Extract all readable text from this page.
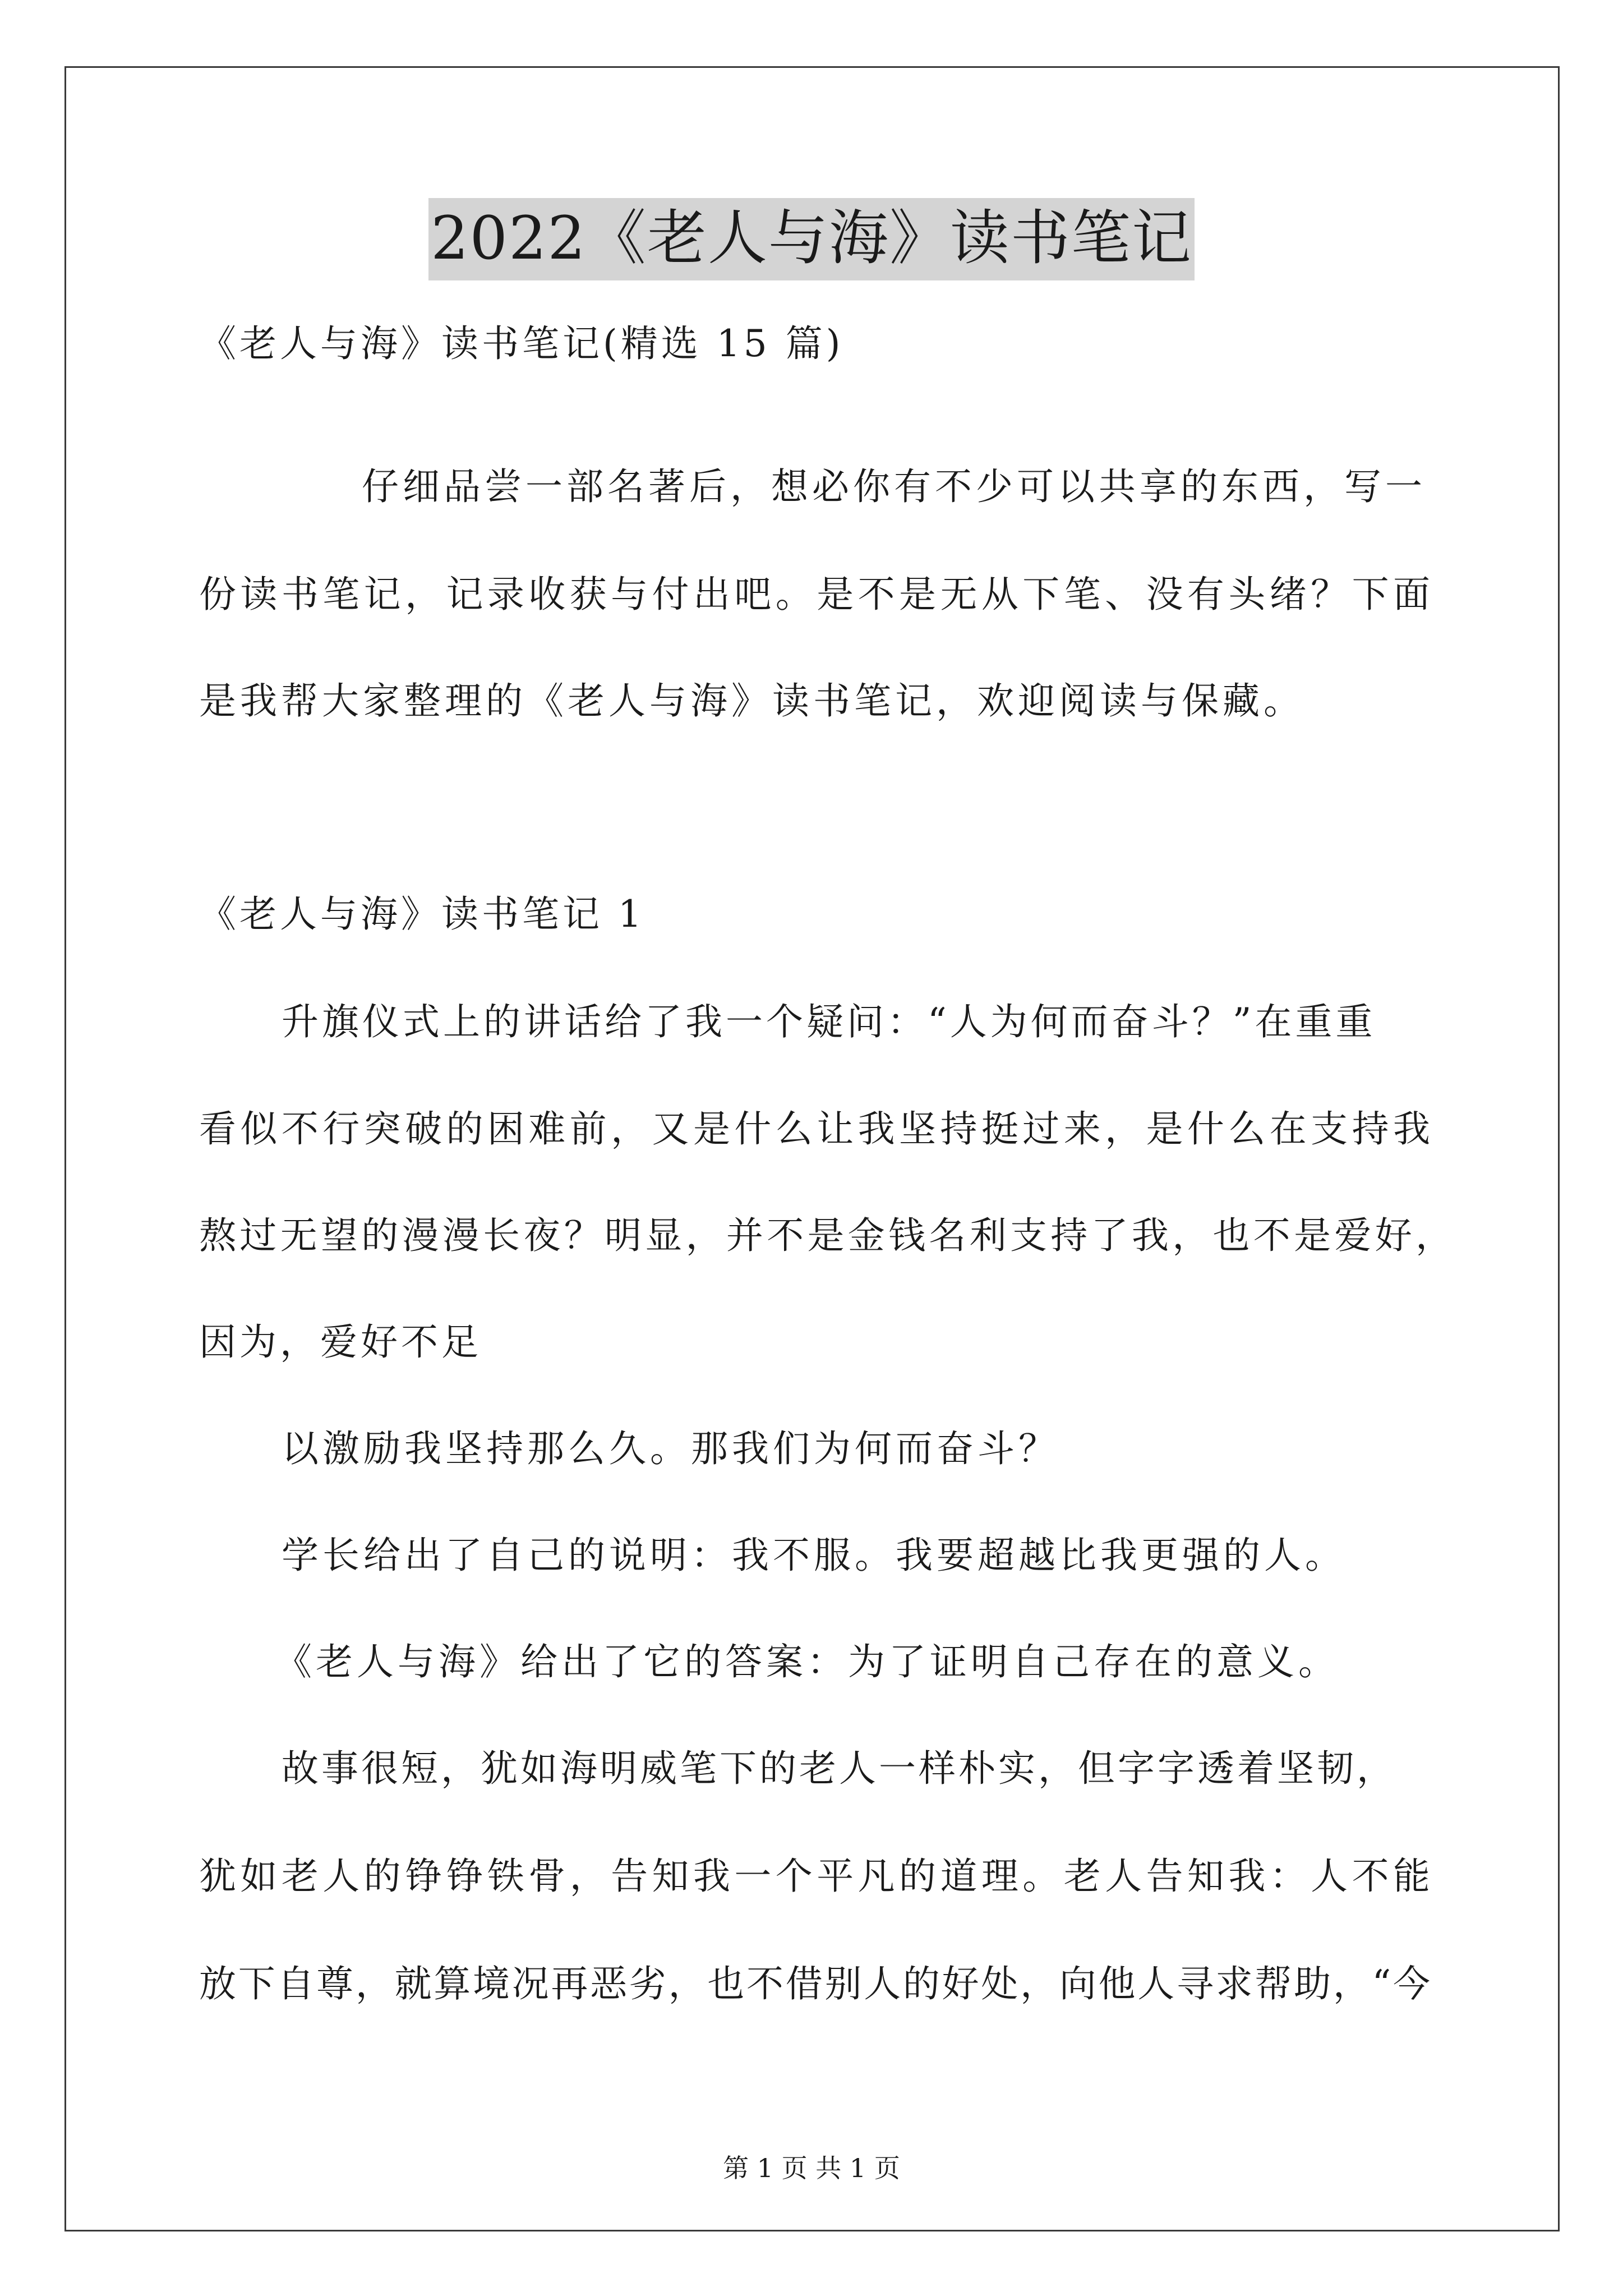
2022《老人与海》读书笔记
《老人与海》读书笔记(精选 15 篇)
仔细品尝一部名著后，想必你有不少可以共享的东西，写一
份读书笔记，记录收获与付出吧。是不是无从下笔、没有头绪？下面
是我帮大家整理的《老人与海》读书笔记，欢迎阅读与保藏。
《老人与海》读书笔记 1
升旗仪式上的讲话给了我一个疑问：“人为何而奋斗？”在重重
看似不行突破的困难前，又是什么让我坚持挺过来，是什么在支持我
熬过无望的漫漫长夜？明显，并不是金钱名利支持了我，也不是爱好，
因为，爱好不足
以激励我坚持那么久。那我们为何而奋斗？
学长给出了自己的说明：我不服。我要超越比我更强的人。
《老人与海》给出了它的答案：为了证明自己存在的意义。
故事很短，犹如海明威笔下的老人一样朴实，但字字透着坚韧，
犹如老人的铮铮铁骨，告知我一个平凡的道理。老人告知我：人不能
放下自尊，就算境况再恶劣，也不借别人的好处，向他人寻求帮助，“今
第 1 页 共 1 页
